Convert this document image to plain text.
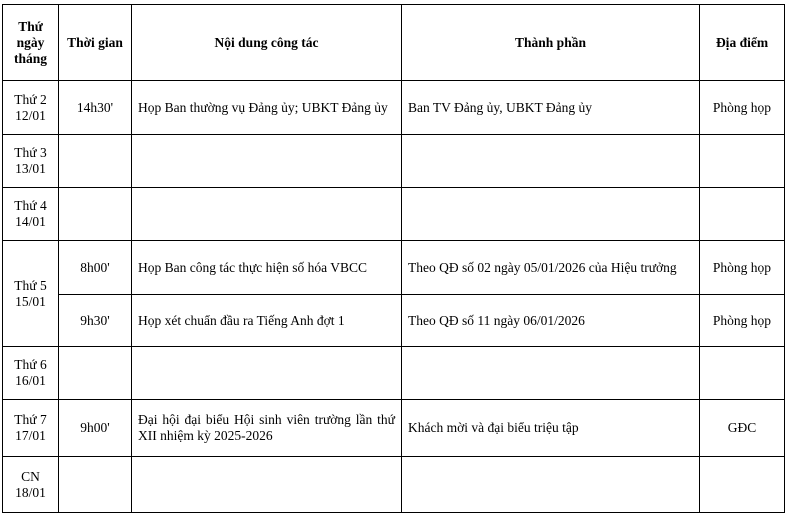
Thứ
ngày
tháng	Thời gian	Nội dung công tác	Thành phần	Địa điểm

Thứ 2
12/01	14h30'	Họp Ban thường vụ Đảng ủy; UBKT Đảng ủy	Ban TV Đảng ủy, UBKT Đảng ủy	Phòng họp

Thứ 3
13/01				

Thứ 4
14/01				

Thứ 5
15/01	8h00'	Họp Ban công tác thực hiện số hóa VBCC	Theo QĐ số 02 ngày 05/01/2026 của Hiệu trưởng	Phòng họp
	9h30'	Họp xét chuẩn đầu ra Tiếng Anh đợt 1	Theo QĐ số 11 ngày 06/01/2026	Phòng họp

Thứ 6
16/01				

Thứ 7
17/01	9h00'	Đại hội đại biểu Hội sinh viên trường lần thứ XII nhiệm kỳ 2025-2026	Khách mời và đại biểu triệu tập	GĐC

CN
18/01				
